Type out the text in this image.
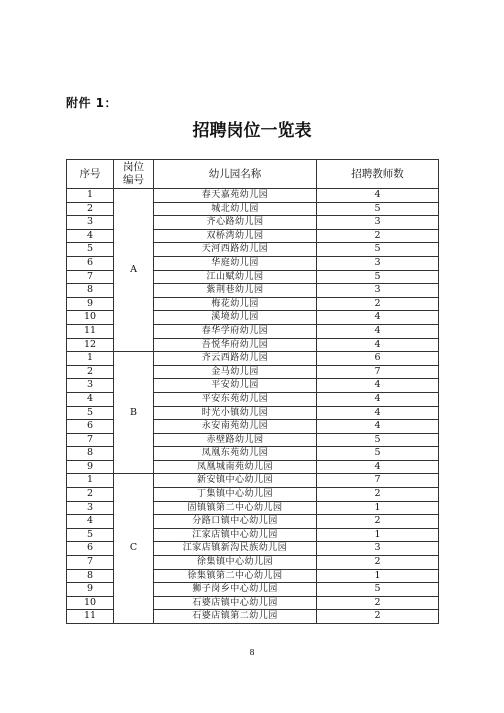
附件 1：
招聘岗位一览表
序号	岗位编号	幼儿园名称	招聘教师数
1	A	春天嘉苑幼儿园	4
2		城北幼儿园	5
3		齐心路幼儿园	3
4		双桥湾幼儿园	2
5		天河西路幼儿园	5
6		华庭幼儿园	3
7		江山赋幼儿园	5
8		紫荆巷幼儿园	3
9		梅花幼儿园	2
10		溪境幼儿园	4
11		春华学府幼儿园	4
12		吾悦华府幼儿园	4
1	B	齐云西路幼儿园	6
2		金马幼儿园	7
3		平安幼儿园	4
4		平安东苑幼儿园	4
5		时光小镇幼儿园	4
6		永安南苑幼儿园	4
7		赤壁路幼儿园	5
8		凤凰东苑幼儿园	5
9		凤凰城南苑幼儿园	4
1	C	新安镇中心幼儿园	7
2		丁集镇中心幼儿园	2
3		固镇镇第二中心幼儿园	1
4		分路口镇中心幼儿园	2
5		江家店镇中心幼儿园	1
6		江家店镇新沟民族幼儿园	3
7		徐集镇中心幼儿园	2
8		徐集镇第二中心幼儿园	1
9		狮子岗乡中心幼儿园	5
10		石婆店镇中心幼儿园	2
11		石婆店镇第二幼儿园	2
8
